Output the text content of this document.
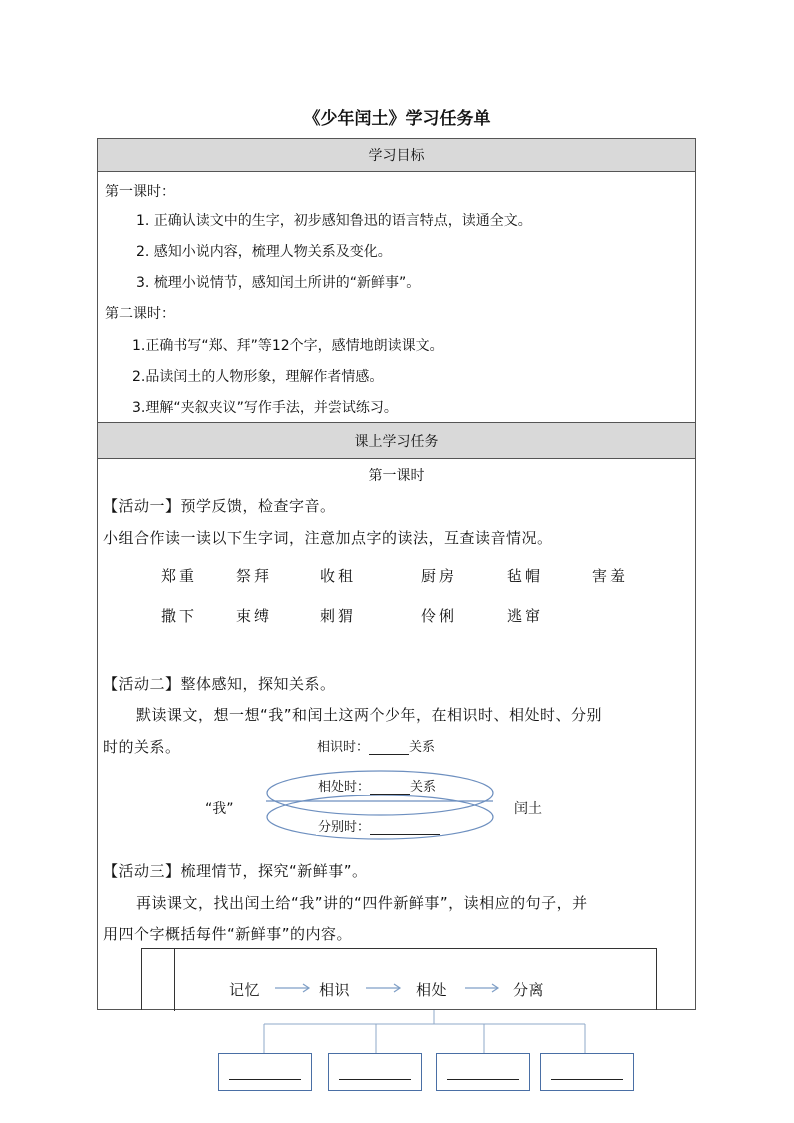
《少年闰土》学习任务单
学习目标
第一课时：
1. 正确认读文中的生字，初步感知鲁迅的语言特点，读通全文。
2. 感知小说内容，梳理人物关系及变化。
3. 梳理小说情节，感知闰土所讲的“新鲜事”。
第二课时：
1.正确书写“郑、拜”等12个字，感情地朗读课文。
2.品读闰土的人物形象，理解作者情感。
3.理解“夹叙夹议”写作手法，并尝试练习。
课上学习任务
第一课时
【活动一】预学反馈，检查字音。
小组合作读一读以下生字词，注意加点字的读法，互查读音情况。
郑重	祭拜	收租	厨房	毡帽	害羞
撒下	束缚	刺猬	伶俐	逃窜
【活动二】整体感知，探知关系。
默读课文，想一想“我”和闰土这两个少年，在相识时、相处时、分别
时的关系。	相识时：	关系
相处时：	关系
分别时：
“我”	闰土
【活动三】梳理情节，探究“新鲜事”。
再读课文，找出闰土给“我”讲的“四件新鲜事”，读相应的句子，并
用四个字概括每件“新鲜事”的内容。
记忆	相识	相处	分离
